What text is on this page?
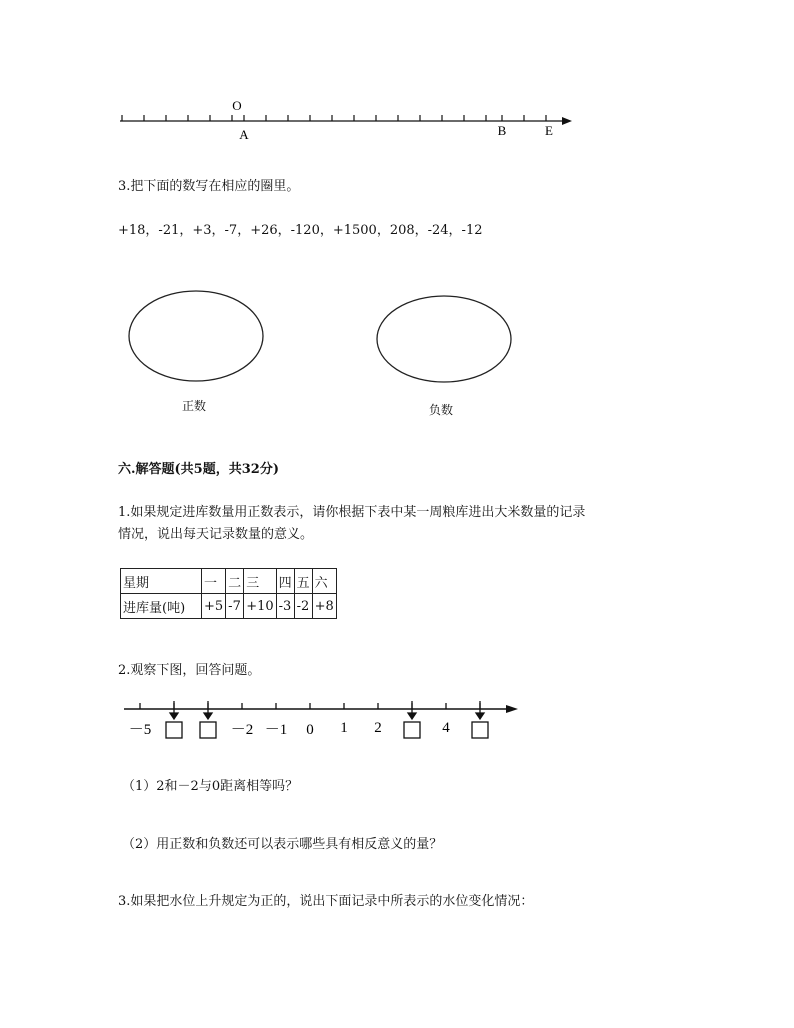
O
A	B	E
3.把下面的数写在相应的圈里。
+18，-21，+3，-7，+26，-120，+1500，208，-24，-12
正数	负数
六.解答题(共5题，共32分)
1.如果规定进库数量用正数表示，请你根据下表中某一周粮库进出大米数量的记录
情况，说出每天记录数量的意义。
星期	一	二	三	四	五	六
进库量(吨)	+5	-7	+10	-3	-2	+8
2.观察下图，回答问题。
－5	－2 －1 0 1 2	4
（1）2和－2与0距离相等吗？
（2）用正数和负数还可以表示哪些具有相反意义的量？
3.如果把水位上升规定为正的，说出下面记录中所表示的水位变化情况：
